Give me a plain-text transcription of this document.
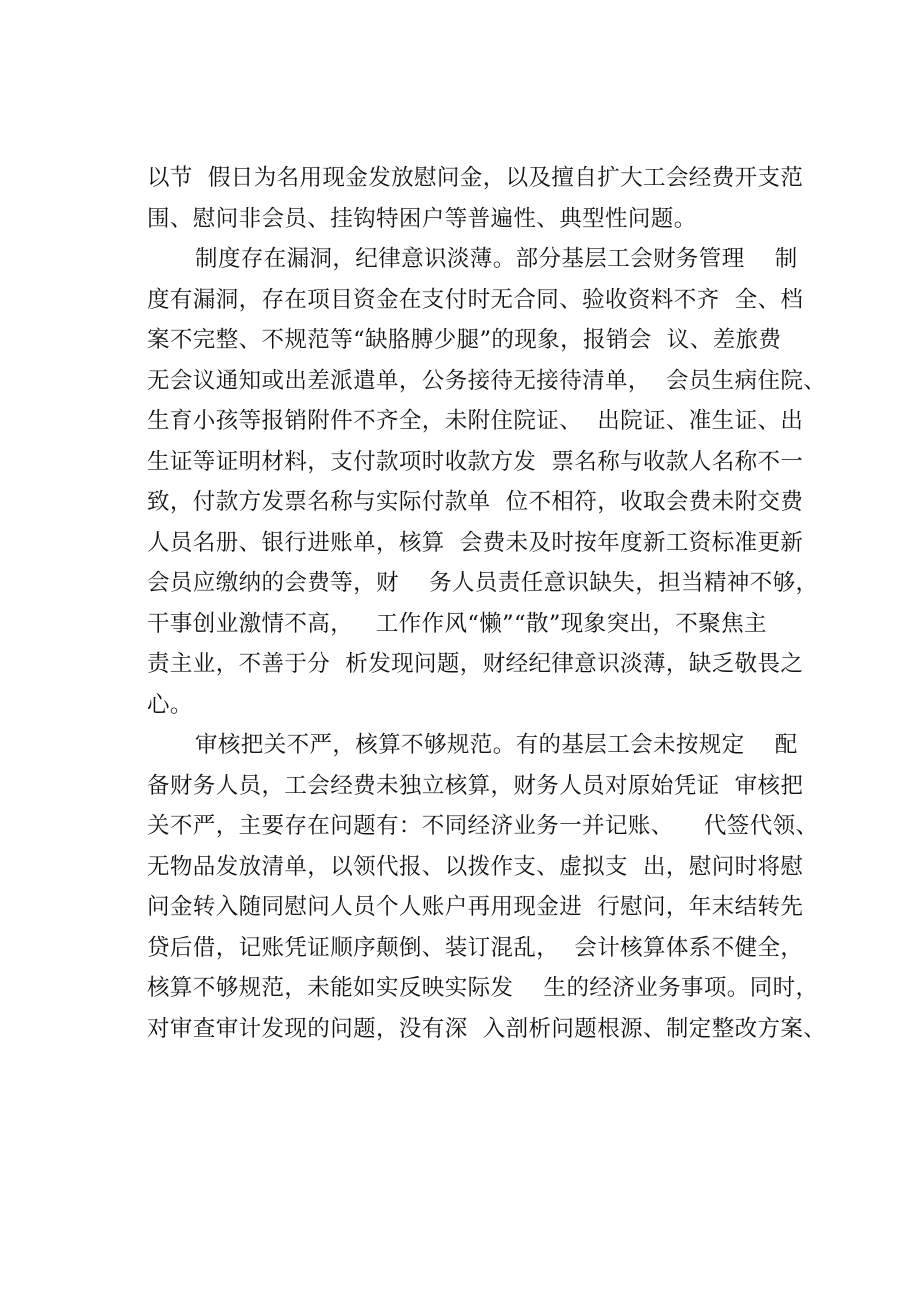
以节  假日为名用现金发放慰问金，以及擅自扩大工会经费开支范
围、慰问非会员、挂钩特困户等普遍性、典型性问题。
制度存在漏洞，纪律意识淡薄。部分基层工会财务管理    制
度有漏洞，存在项目资金在支付时无合同、验收资料不齐  全、档
案不完整、不规范等“缺胳膊少腿”的现象，报销会  议、差旅费
无会议通知或出差派遣单，公务接待无接待清单，  会员生病住院、
生育小孩等报销附件不齐全，未附住院证、  出院证、准生证、出
生证等证明材料，支付款项时收款方发  票名称与收款人名称不一
致，付款方发票名称与实际付款单  位不相符，收取会费未附交费
人员名册、银行进账单，核算  会费未及时按年度新工资标准更新
会员应缴纳的会费等，财    务人员责任意识缺失，担当精神不够，
干事创业激情不高，   工作作风“懒”“散”现象突出，不聚焦主
责主业，不善于分  析发现问题，财经纪律意识淡薄，缺乏敬畏之
心。
审核把关不严，核算不够规范。有的基层工会未按规定    配
备财务人员，工会经费未独立核算，财务人员对原始凭证  审核把
关不严，主要存在问题有：不同经济业务一并记账、    代签代领、
无物品发放清单，以领代报、以拨作支、虚拟支  出，慰问时将慰
问金转入随同慰问人员个人账户再用现金进  行慰问，年末结转先
贷后借，记账凭证顺序颠倒、装订混乱，  会计核算体系不健全，
核算不够规范，未能如实反映实际发    生的经济业务事项。同时，
对审查审计发现的问题，没有深  入剖析问题根源、制定整改方案、
